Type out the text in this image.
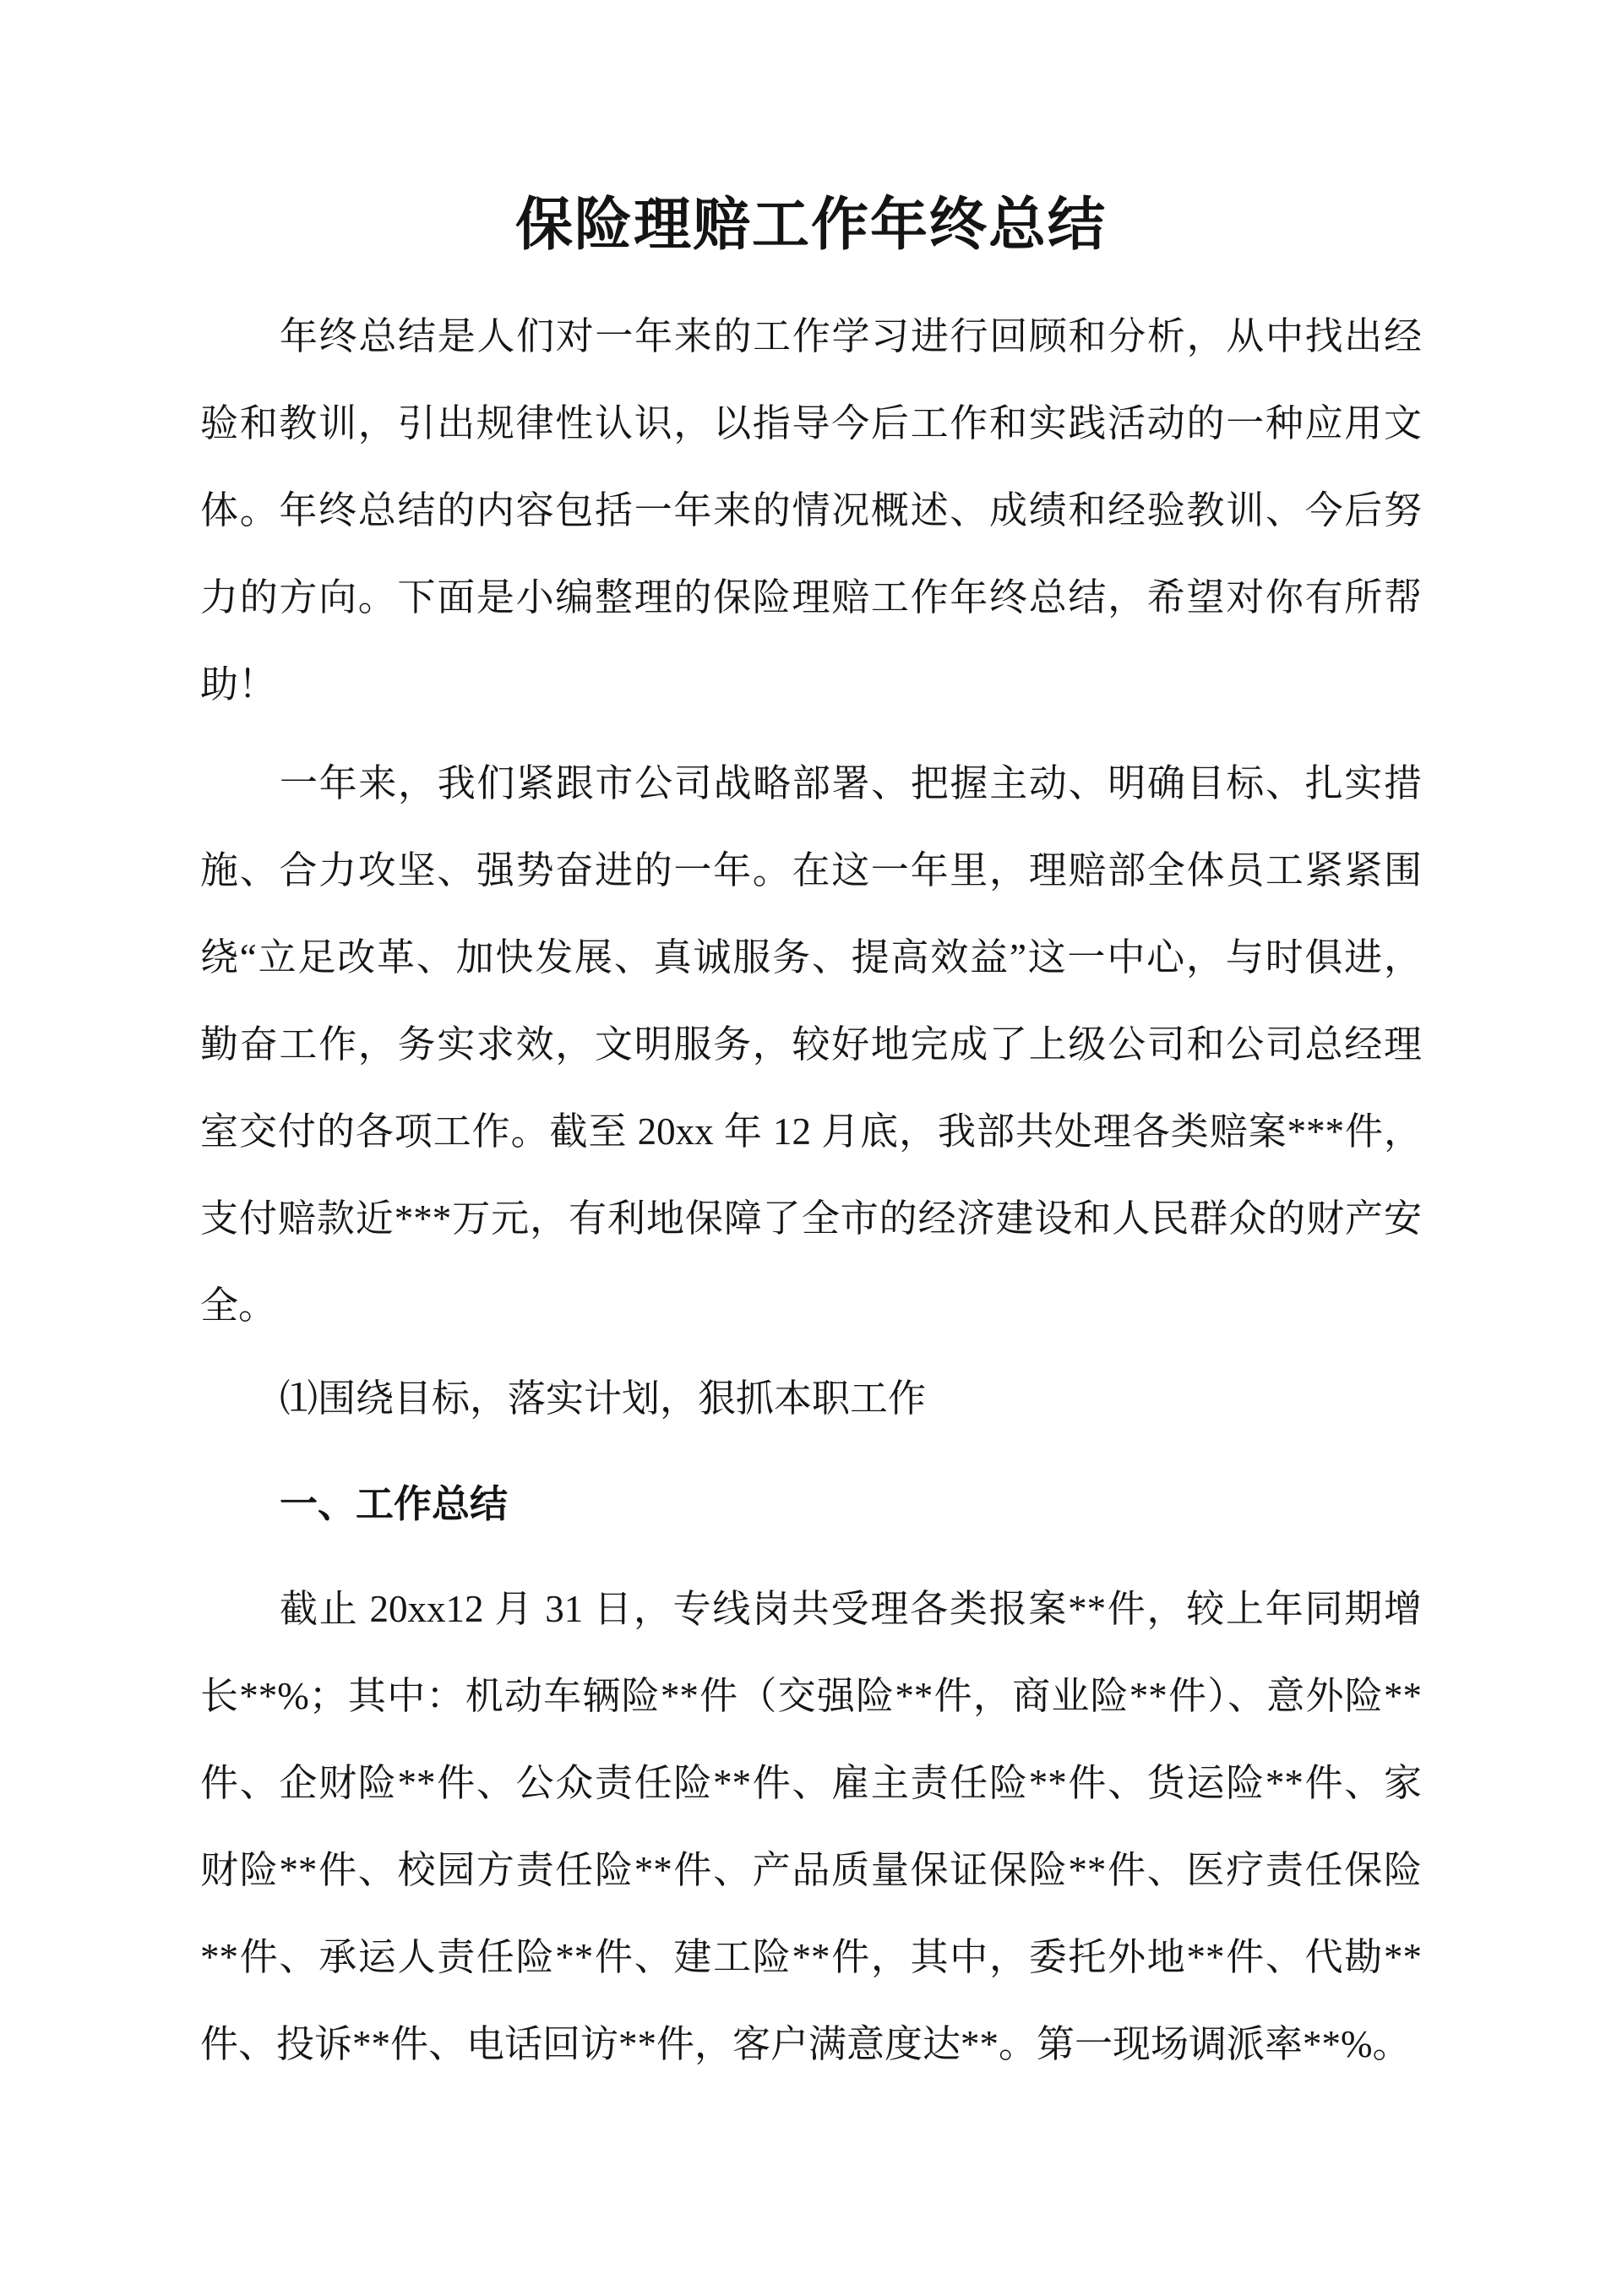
保险理赔工作年终总结
年终总结是人们对一年来的工作学习进行回顾和分析，从中找出经
验和教训，引出规律性认识，以指导今后工作和实践活动的一种应用文
体。年终总结的内容包括一年来的情况概述、成绩和经验教训、今后努
力的方向。下面是小编整理的保险理赔工作年终总结，希望对你有所帮
助！
一年来，我们紧跟市公司战略部署、把握主动、明确目标、扎实措
施、合力攻坚、强势奋进的一年。在这一年里，理赔部全体员工紧紧围
绕“立足改革、加快发展、真诚服务、提高效益”这一中心，与时俱进，
勤奋工作，务实求效，文明服务，较好地完成了上级公司和公司总经理
室交付的各项工作。截至 20xx 年 12 月底，我部共处理各类赔案***件，
支付赔款近***万元，有利地保障了全市的经济建设和人民群众的财产安
全。
⑴围绕目标，落实计划，狠抓本职工作
一、工作总结
截止 20xx12 月 31 日，专线岗共受理各类报案**件，较上年同期增
长**%；其中：机动车辆险**件（交强险**件，商业险**件）、意外险**
件、企财险**件、公众责任险**件、雇主责任险**件、货运险**件、家
财险**件、校园方责任险**件、产品质量保证保险**件、医疗责任保险
**件、承运人责任险**件、建工险**件，其中，委托外地**件、代勘**
件、投诉**件、电话回访**件，客户满意度达**。第一现场调派率**%。
